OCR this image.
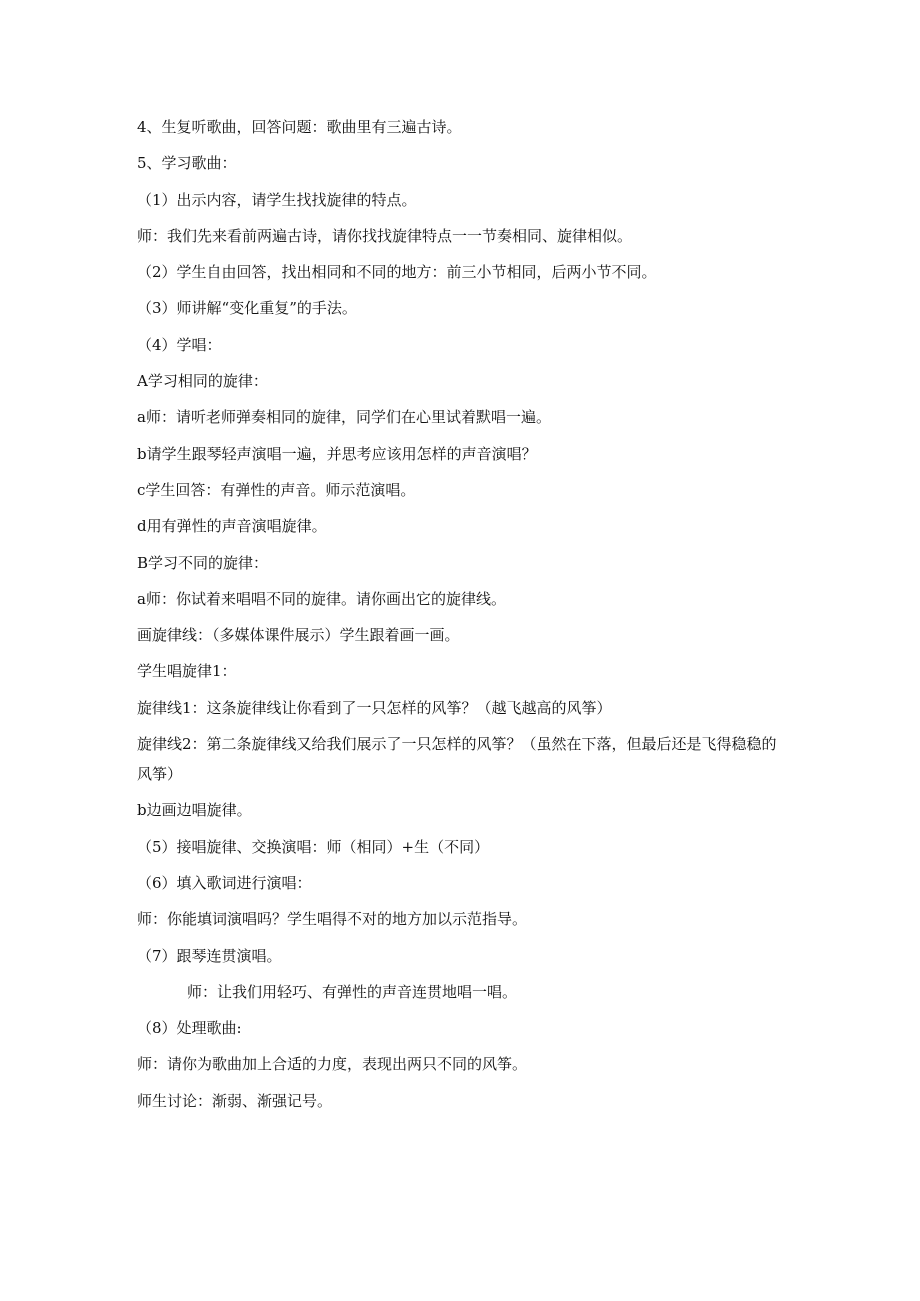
4、生复听歌曲，回答问题：歌曲里有三遍古诗。
5、学习歌曲：
（1）出示内容，请学生找找旋律的特点。
师：我们先来看前两遍古诗，请你找找旋律特点一一节奏相同、旋律相似。
（2）学生自由回答，找出相同和不同的地方：前三小节相同，后两小节不同。
（3）师讲解“变化重复”的手法。
（4）学唱：
A学习相同的旋律：
a师：请听老师弹奏相同的旋律，同学们在心里试着默唱一遍。
b请学生跟琴轻声演唱一遍，并思考应该用怎样的声音演唱？
c学生回答：有弹性的声音。师示范演唱。
d用有弹性的声音演唱旋律。
B学习不同的旋律：
a师：你试着来唱唱不同的旋律。请你画出它的旋律线。
画旋律线：（多媒体课件展示）学生跟着画一画。
学生唱旋律1：
旋律线1：这条旋律线让你看到了一只怎样的风筝？（越飞越高的风筝）
旋律线2：第二条旋律线又给我们展示了一只怎样的风筝？（虽然在下落，但最后还是飞得稳稳的风筝）
b边画边唱旋律。
（5）接唱旋律、交换演唱：师（相同）+生（不同）
（6）填入歌词进行演唱：
师：你能填词演唱吗？学生唱得不对的地方加以示范指导。
（7）跟琴连贯演唱。
师：让我们用轻巧、有弹性的声音连贯地唱一唱。
（8）处理歌曲:
师：请你为歌曲加上合适的力度，表现出两只不同的风筝。
师生讨论：渐弱、渐强记号。
